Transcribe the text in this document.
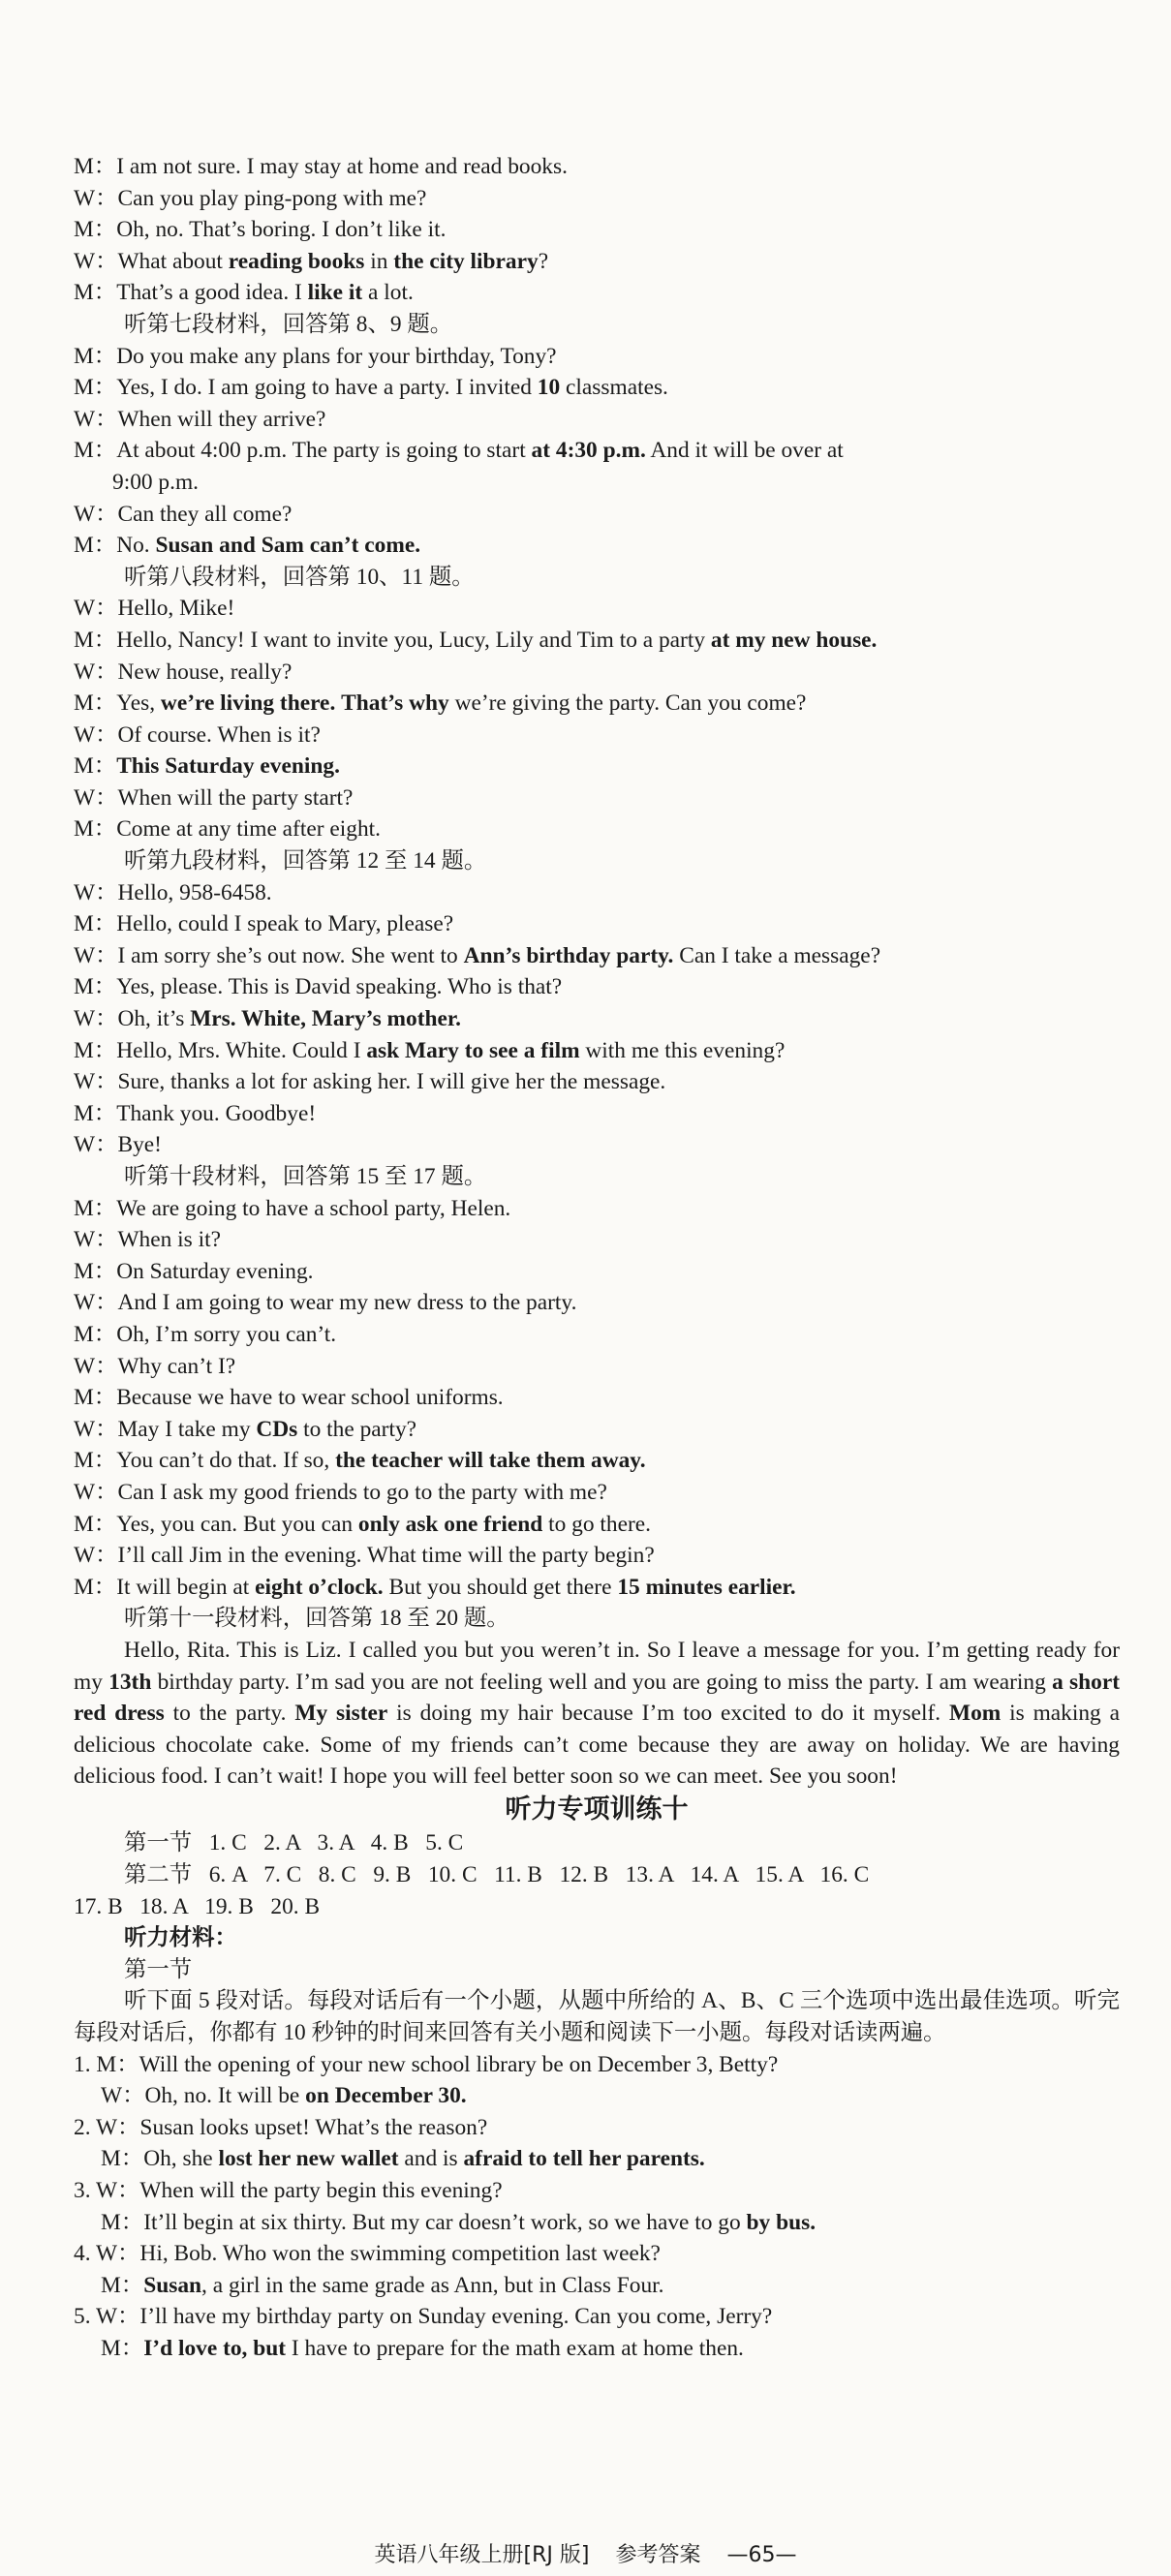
M：I am not sure. I may stay at home and read books.
W：Can you play ping-pong with me?
M：Oh, no. That’s boring. I don’t like it.
W：What about reading books in the city library?
M：That’s a good idea. I like it a lot.
听第七段材料，回答第 8、9 题。
M：Do you make any plans for your birthday, Tony?
M：Yes, I do. I am going to have a party. I invited 10 classmates.
W：When will they arrive?
M：At about 4:00 p.m. The party is going to start at 4:30 p.m. And it will be over at
9:00 p.m.
W：Can they all come?
M：No. Susan and Sam can’t come.
听第八段材料，回答第 10、11 题。
W：Hello, Mike!
M：Hello, Nancy! I want to invite you, Lucy, Lily and Tim to a party at my new house.
W：New house, really?
M：Yes, we’re living there. That’s why we’re giving the party. Can you come?
W：Of course. When is it?
M：This Saturday evening.
W：When will the party start?
M：Come at any time after eight.
听第九段材料，回答第 12 至 14 题。
W：Hello, 958-6458.
M：Hello, could I speak to Mary, please?
W：I am sorry she’s out now. She went to Ann’s birthday party. Can I take a message?
M：Yes, please. This is David speaking. Who is that?
W：Oh, it’s Mrs. White, Mary’s mother.
M：Hello, Mrs. White. Could I ask Mary to see a film with me this evening?
W：Sure, thanks a lot for asking her. I will give her the message.
M：Thank you. Goodbye!
W：Bye!
听第十段材料，回答第 15 至 17 题。
M：We are going to have a school party, Helen.
W：When is it?
M：On Saturday evening.
W：And I am going to wear my new dress to the party.
M：Oh, I’m sorry you can’t.
W：Why can’t I?
M：Because we have to wear school uniforms.
W：May I take my CDs to the party?
M：You can’t do that. If so, the teacher will take them away.
W：Can I ask my good friends to go to the party with me?
M：Yes, you can. But you can only ask one friend to go there.
W：I’ll call Jim in the evening. What time will the party begin?
M：It will begin at eight o’clock. But you should get there 15 minutes earlier.
听第十一段材料，回答第 18 至 20 题。
Hello, Rita. This is Liz. I called you but you weren’t in. So I leave a message for you. I’m getting ready for my 13th birthday party. I’m sad you are not feeling well and you are going to miss the party. I am wearing a short red dress to the party. My sister is doing my hair because I’m too excited to do it myself. Mom is making a delicious chocolate cake. Some of my friends can’t come because they are away on holiday. We are having delicious food. I can’t wait! I hope you will feel better soon so we can meet. See you soon!
听力专项训练十
第一节   1. C   2. A   3. A   4. B   5. C
第二节   6. A   7. C   8. C   9. B   10. C   11. B   12. B   13. A   14. A   15. A   16. C
17. B   18. A   19. B   20. B
听力材料：
第一节
听下面 5 段对话。每段对话后有一个小题，从题中所给的 A、B、C 三个选项中选出最佳选项。听完每段对话后，你都有 10 秒钟的时间来回答有关小题和阅读下一小题。每段对话读两遍。
1. M：Will the opening of your new school library be on December 3, Betty?
W：Oh, no. It will be on December 30.
2. W：Susan looks upset! What’s the reason?
M：Oh, she lost her new wallet and is afraid to tell her parents.
3. W：When will the party begin this evening?
M：It’ll begin at six thirty. But my car doesn’t work, so we have to go by bus.
4. W：Hi, Bob. Who won the swimming competition last week?
M：Susan, a girl in the same grade as Ann, but in Class Four.
5. W：I’ll have my birthday party on Sunday evening. Can you come, Jerry?
M：I’d love to, but I have to prepare for the math exam at home then.
英语八年级上册[RJ 版] 参考答案 —65—
